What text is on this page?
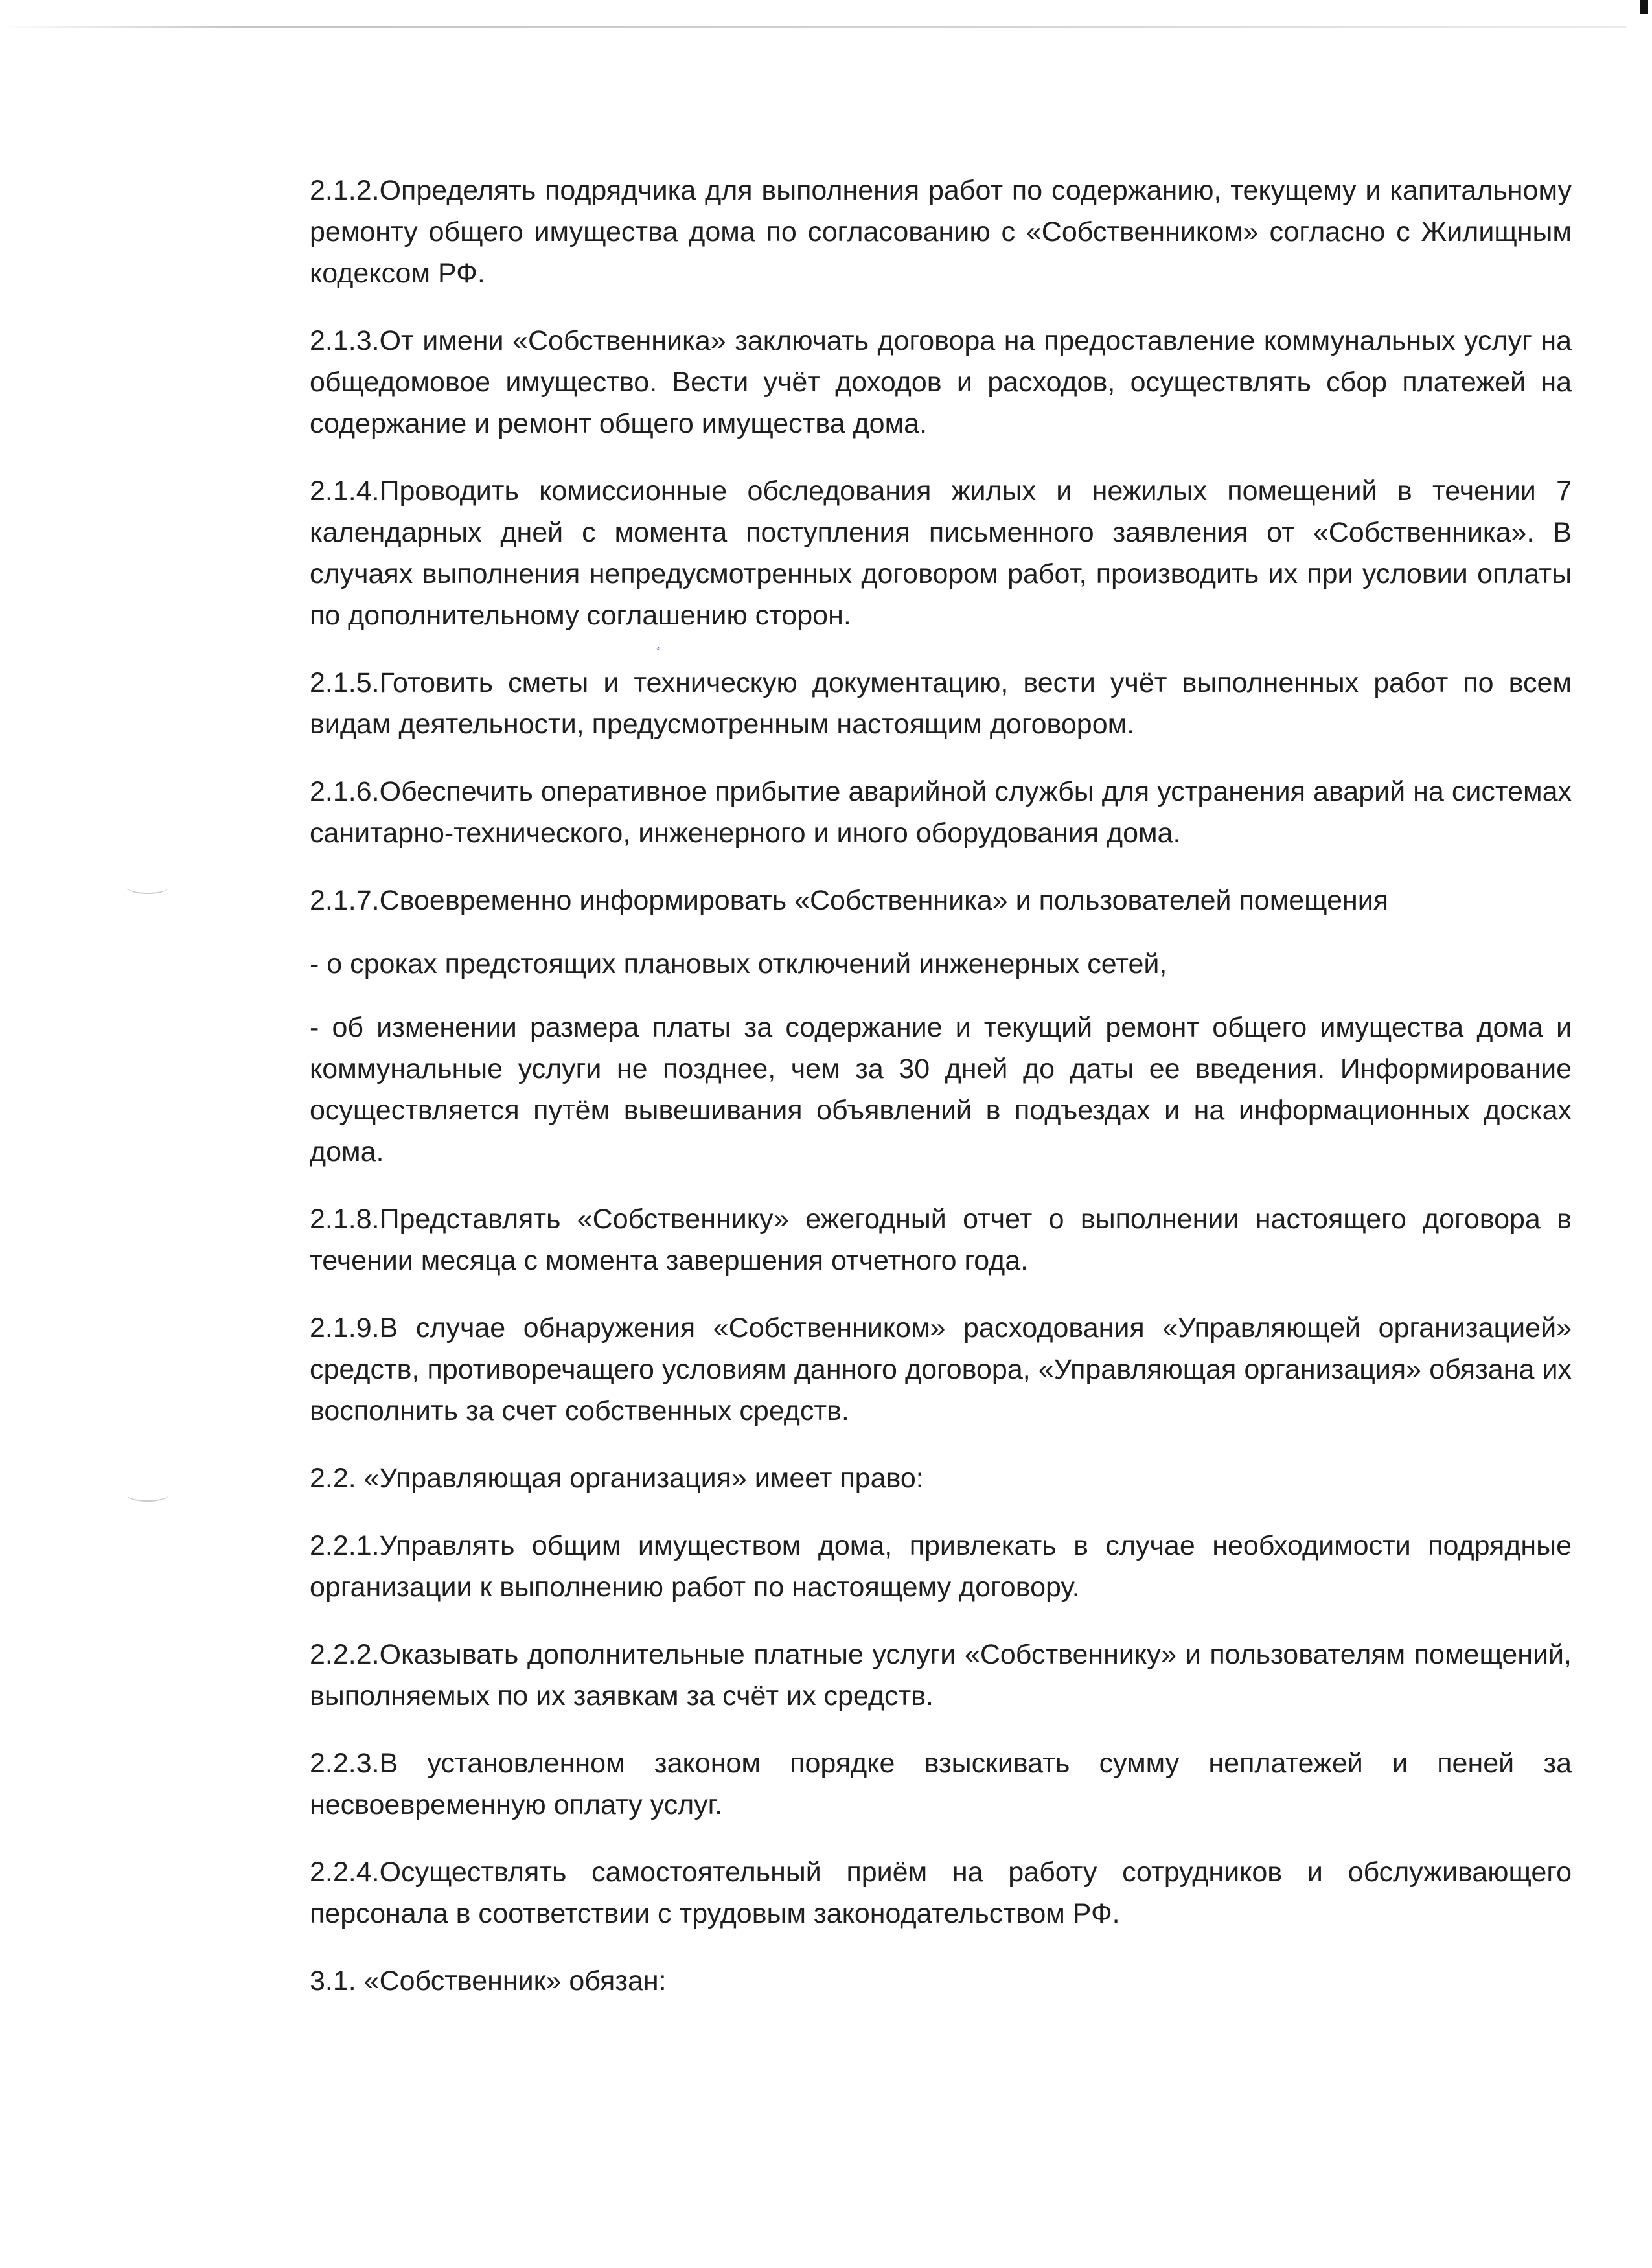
⸗

2.1.2.Определять подрядчика для выполнения работ по содержанию, текущему и капитальному ремонту общего имущества дома по согласованию с «Собственником» согласно с Жилищным кодексом РФ.

2.1.3.От имени «Собственника» заключать договора на предоставление коммунальных услуг на общедомовое имущество. Вести учёт доходов и расходов, осуществлять сбор платежей на содержание и ремонт общего имущества дома.

2.1.4.Проводить комиссионные обследования жилых и нежилых помещений в течении 7 календарных дней с момента поступления письменного заявления от «Собственника». В случаях выполнения непредусмотренных договором работ, производить их при условии оплаты по дополнительному соглашению сторон.

2.1.5.Готовить сметы и техническую документацию, вести учёт выполненных работ по всем видам деятельности, предусмотренным настоящим договором.

2.1.6.Обеспечить оперативное прибытие аварийной службы для устранения аварий на системах санитарно-технического, инженерного и иного оборудования дома.

2.1.7.Своевременно информировать «Собственника» и пользователей помещения

- о сроках предстоящих плановых отключений инженерных сетей,

- об изменении размера платы за содержание и текущий ремонт общего имущества дома и коммунальные услуги не позднее, чем за 30 дней до даты ее введения. Информирование осуществляется путём вывешивания объявлений в подъездах и на информационных досках дома.

2.1.8.Представлять «Собственнику» ежегодный отчет о выполнении настоящего договора в течении месяца с момента завершения отчетного года.

2.1.9.В случае обнаружения «Собственником» расходования «Управляющей организацией» средств, противоречащего условиям данного договора, «Управляющая организация» обязана их восполнить за счет собственных средств.

2.2. «Управляющая организация» имеет право:

2.2.1.Управлять общим имуществом дома, привлекать в случае необходимости подрядные организации к выполнению работ по настоящему договору.

2.2.2.Оказывать дополнительные платные услуги «Собственнику» и пользователям помещений, выполняемых по их заявкам за счёт их средств.

2.2.3.В установленном законом порядке взыскивать сумму неплатежей и пеней за несвоевременную оплату услуг.

2.2.4.Осуществлять самостоятельный приём на работу сотрудников и обслуживающего персонала в соответствии с трудовым законодательством РФ.

3.1. «Собственник» обязан:
